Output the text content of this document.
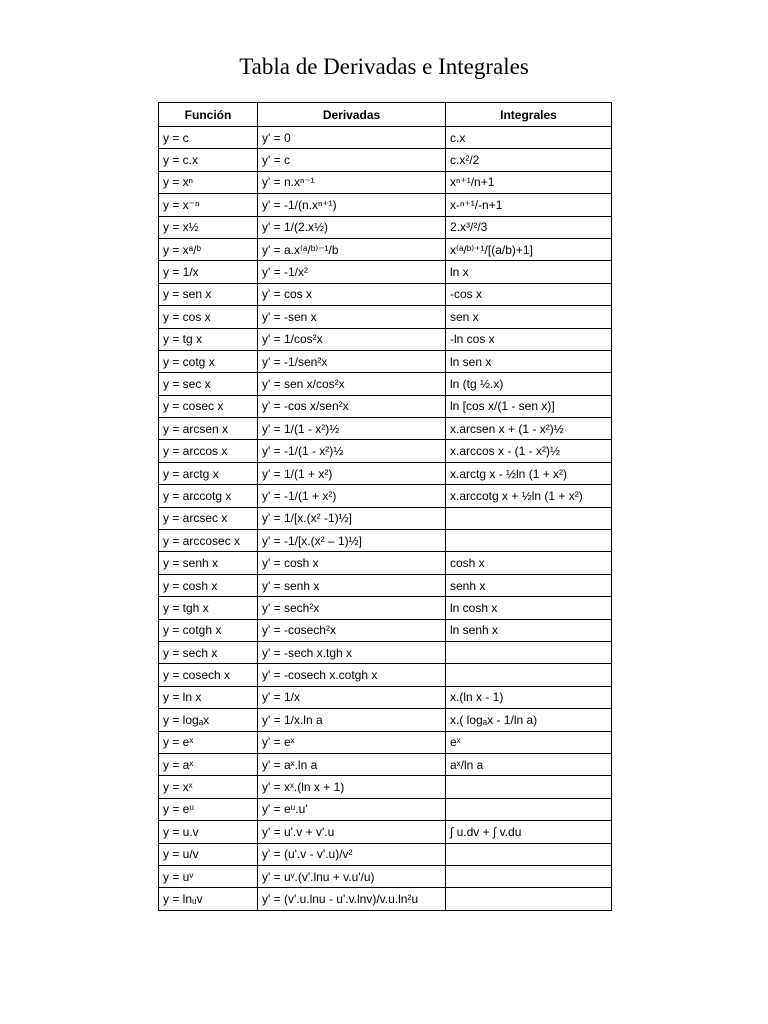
Tabla de Derivadas e Integrales
Función	Derivadas	Integrales
y = c	y' = 0	c.x
y = c.x	y' = c	c.x²/2
y = xⁿ	y' = n.xⁿ⁻¹	xⁿ⁺¹/n+1
y = x⁻ⁿ	y' = -1/(n.xⁿ⁺¹)	x-ⁿ⁺¹/-n+1
y = x½	y' = 1/(2.x½)	2.x³/²/3
y = xᵃ/ᵇ	y' = a.x⁽ᵃ/ᵇ⁾⁻¹/b	x⁽ᵃ/ᵇ⁾⁺¹/[(a/b)+1]
y = 1/x	y' = -1/x²	ln x
y = sen x	y' = cos x	-cos x
y = cos x	y' = -sen x	sen x
y = tg x	y' = 1/cos²x	-ln cos x
y = cotg x	y' = -1/sen²x	ln sen x
y = sec x	y' = sen x/cos²x	ln (tg ½.x)
y = cosec x	y' = -cos x/sen²x	ln [cos x/(1 - sen x)]
y = arcsen x	y' = 1/(1 - x²)½	x.arcsen x + (1 - x²)½
y = arccos x	y' = -1/(1 - x²)½	x.arccos x - (1 - x²)½
y = arctg x	y' = 1/(1 + x²)	x.arctg x - ½ln (1 + x²)
y = arccotg x	y' = -1/(1 + x²)	x.arccotg x + ½ln (1 + x²)
y = arcsec x	y' = 1/[x.(x² -1)½]	
y = arccosec x	y' = -1/[x.(x² – 1)½]	
y = senh x	y' = cosh x	cosh x
y = cosh x	y' = senh x	senh x
y = tgh x	y' = sech²x	ln cosh x
y = cotgh x	y' = -cosech²x	ln senh x
y = sech x	y' = -sech x.tgh x	
y = cosech x	y' = -cosech x.cotgh x	
y = ln x	y' = 1/x	x.(ln x - 1)
y = logₐx	y' = 1/x.ln a	x.( logₐx - 1/ln a)
y = eˣ	y' = eˣ	eˣ
y = aˣ	y' = aˣ.ln a	aˣ/ln a
y = xˣ	y' = xˣ.(ln x + 1)	
y = eᵘ	y' = eᵘ.u'	
y = u.v	y' = u'.v + v'.u	∫ u.dv + ∫ v.du
y = u/v	y' = (u'.v - v'.u)/v²	
y = uᵛ	y' = uᵛ.(v'.lnu + v.u'/u)	
y = lnᵤv	y' = (v'.u.lnu - u'.v.lnv)/v.u.ln²u	
